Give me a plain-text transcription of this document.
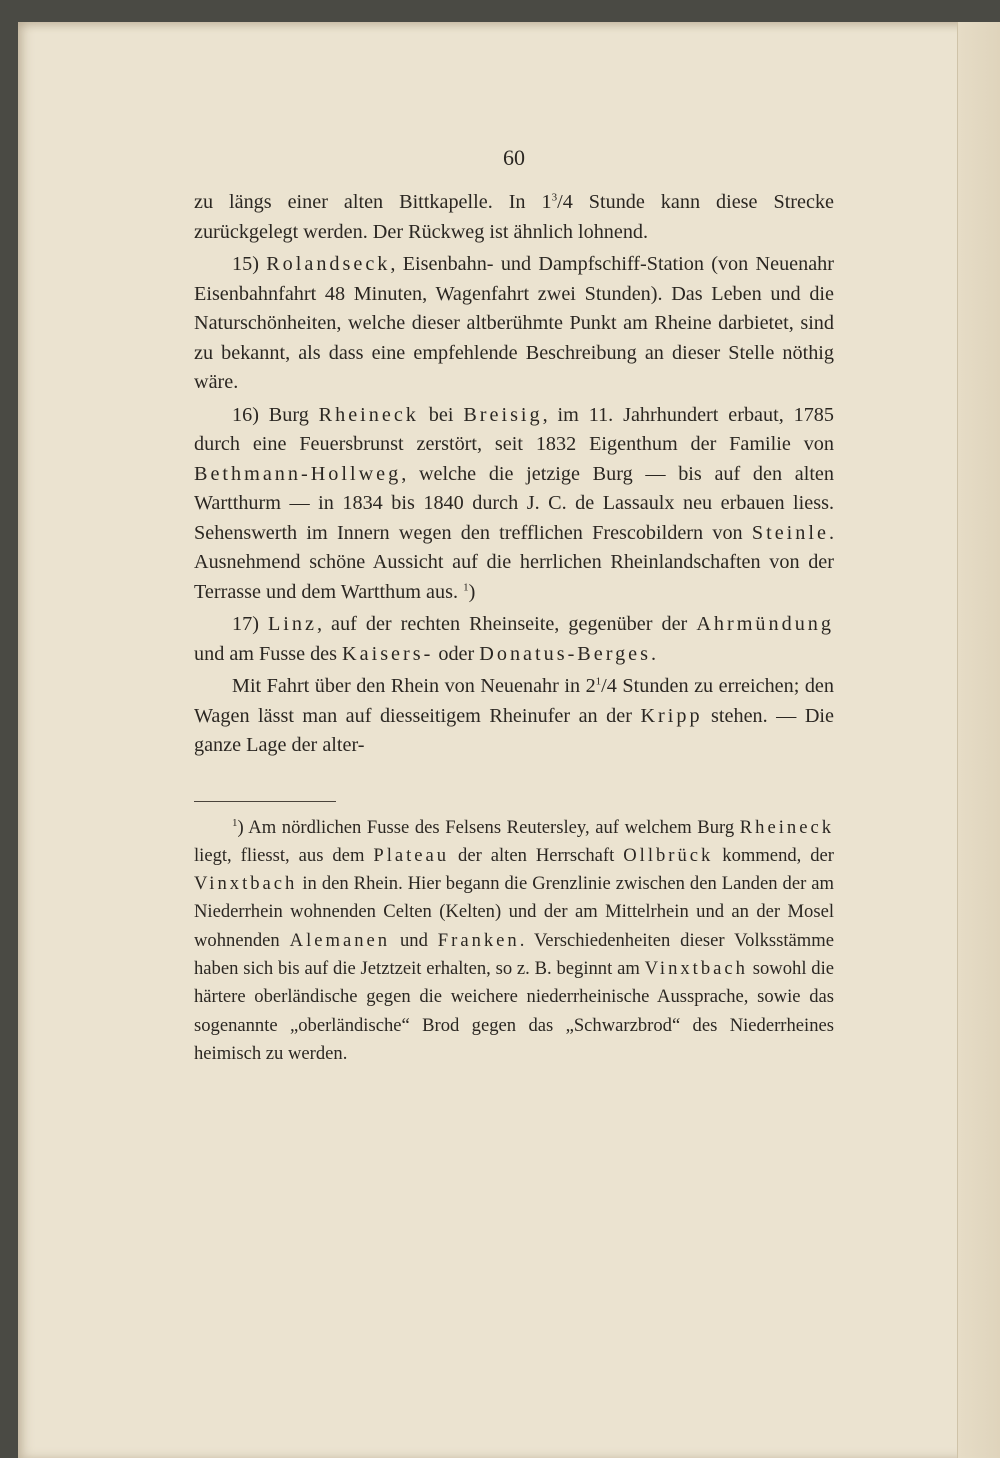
60

zu längs einer alten Bittkapelle. In $1^3/4$ Stunde kann diese Strecke zurückgelegt werden. Der Rückweg ist ähnlich lohnend.

15) Rolandseck, Eisenbahn- und Dampfschiff-Station (von Neuenahr Eisenbahnfahrt 48 Minuten, Wagenfahrt zwei Stunden). Das Leben und die Naturschönheiten, welche dieser altberühmte Punkt am Rheine darbietet, sind zu bekannt, als dass eine empfehlende Beschreibung an dieser Stelle nöthig wäre.

16) Burg Rheineck bei Breisig, im 11. Jahrhundert erbaut, 1785 durch eine Feuersbrunst zerstört, seit 1832 Eigenthum der Familie von Bethmann-Hollweg, welche die jetzige Burg — bis auf den alten Wartthurm — in 1834 bis 1840 durch J. C. de Lassaulx neu erbauen liess. Sehenswerth im Innern wegen den trefflichen Frescobildern von Steinle. Ausnehmend schöne Aussicht auf die herrlichen Rheinlandschaften von der Terrasse und dem Wartthum aus. $^1$)

17) Linz, auf der rechten Rheinseite, gegenüber der Ahrmündung und am Fusse des Kaisers- oder Donatus-Berges.

Mit Fahrt über den Rhein von Neuenahr in $2^1/4$ Stunden zu erreichen; den Wagen lässt man auf diesseitigem Rheinufer an der Kripp stehen. — Die ganze Lage der alter-

$^1$) Am nördlichen Fusse des Felsens Reutersley, auf welchem Burg Rheineck liegt, fliesst, aus dem Plateau der alten Herrschaft Ollbrück kommend, der Vinxtbach in den Rhein. Hier begann die Grenzlinie zwischen den Landen der am Niederrhein wohnenden Celten (Kelten) und der am Mittelrhein und an der Mosel wohnenden Alemanen und Franken. Verschiedenheiten dieser Volksstämme haben sich bis auf die Jetztzeit erhalten, so z. B. beginnt am Vinxtbach sowohl die härtere oberländische gegen die weichere niederrheinische Aussprache, sowie das sogenannte „oberländische“ Brod gegen das „Schwarzbrod“ des Niederrheines heimisch zu werden.
